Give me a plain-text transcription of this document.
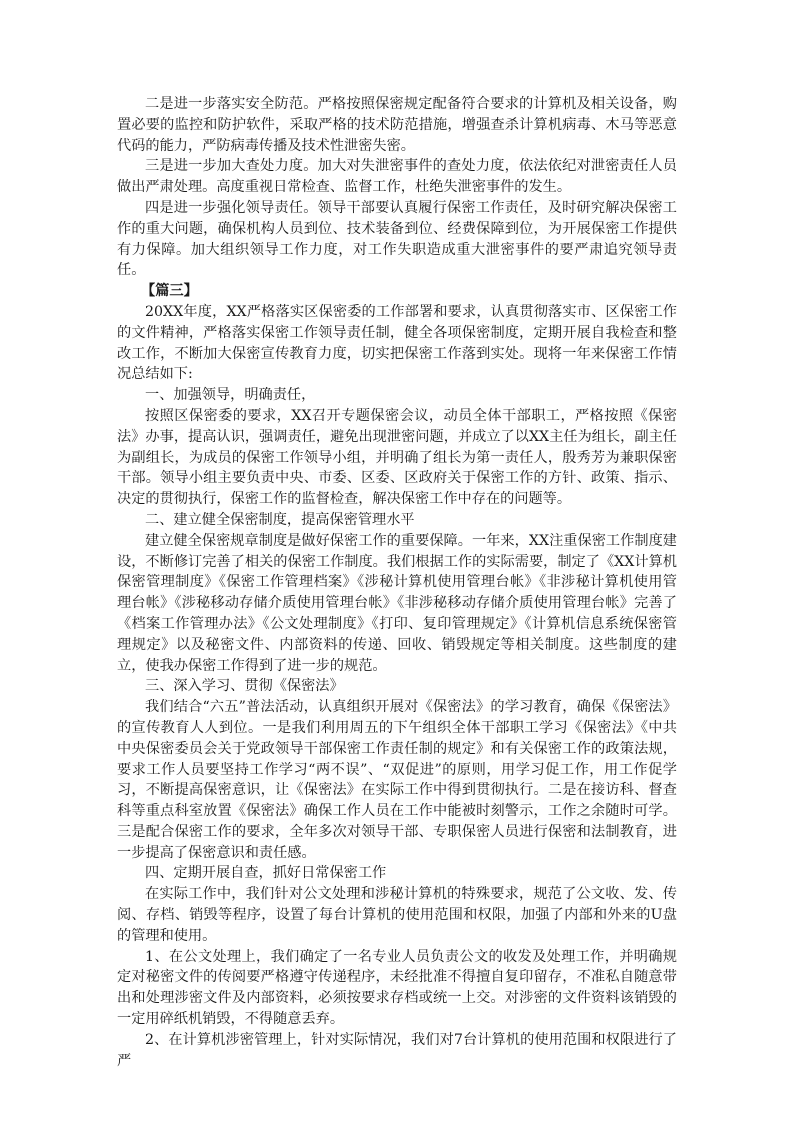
二是进一步落实安全防范。严格按照保密规定配备符合要求的计算机及相关设备，购置必要的监控和防护软件，采取严格的技术防范措施，增强查杀计算机病毒、木马等恶意代码的能力，严防病毒传播及技术性泄密失密。

三是进一步加大查处力度。加大对失泄密事件的查处力度，依法依纪对泄密责任人员做出严肃处理。高度重视日常检查、监督工作，杜绝失泄密事件的发生。

四是进一步强化领导责任。领导干部要认真履行保密工作责任，及时研究解决保密工作的重大问题，确保机构人员到位、技术装备到位、经费保障到位，为开展保密工作提供有力保障。加大组织领导工作力度，对工作失职造成重大泄密事件的要严肃追究领导责任。

【篇三】

20XX年度，XX严格落实区保密委的工作部署和要求，认真贯彻落实市、区保密工作的文件精神，严格落实保密工作领导责任制，健全各项保密制度，定期开展自我检查和整改工作，不断加大保密宣传教育力度，切实把保密工作落到实处。现将一年来保密工作情况总结如下:

一、加强领导，明确责任，

按照区保密委的要求，XX召开专题保密会议，动员全体干部职工，严格按照《保密法》办事，提高认识，强调责任，避免出现泄密问题，并成立了以XX主任为组长，副主任为副组长，为成员的保密工作领导小组，并明确了组长为第一责任人，殷秀芳为兼职保密干部。领导小组主要负责中央、市委、区委、区政府关于保密工作的方针、政策、指示、决定的贯彻执行，保密工作的监督检查，解决保密工作中存在的问题等。

二、建立健全保密制度，提高保密管理水平

建立健全保密规章制度是做好保密工作的重要保障。一年来，XX注重保密工作制度建设，不断修订完善了相关的保密工作制度。我们根据工作的实际需要，制定了《XX计算机保密管理制度》《保密工作管理档案》《涉秘计算机使用管理台帐》《非涉秘计算机使用管理台帐》《涉秘移动存储介质使用管理台帐》《非涉秘移动存储介质使用管理台帐》完善了《档案工作管理办法》《公文处理制度》《打印、复印管理规定》《计算机信息系统保密管理规定》以及秘密文件、内部资料的传递、回收、销毁规定等相关制度。这些制度的建立，使我办保密工作得到了进一步的规范。

三、深入学习、贯彻《保密法》

我们结合“六五”普法活动，认真组织开展对《保密法》的学习教育，确保《保密法》的宣传教育人人到位。一是我们利用周五的下午组织全体干部职工学习《保密法》《中共中央保密委员会关于党政领导干部保密工作责任制的规定》和有关保密工作的政策法规，要求工作人员要坚持工作学习“两不误”、“双促进”的原则，用学习促工作，用工作促学习，不断提高保密意识，让《保密法》在实际工作中得到贯彻执行。二是在接访科、督查科等重点科室放置《保密法》确保工作人员在工作中能被时刻警示，工作之余随时可学。三是配合保密工作的要求，全年多次对领导干部、专职保密人员进行保密和法制教育，进一步提高了保密意识和责任感。

四、定期开展自查，抓好日常保密工作

在实际工作中，我们针对公文处理和涉秘计算机的特殊要求，规范了公文收、发、传阅、存档、销毁等程序，设置了每台计算机的使用范围和权限，加强了内部和外来的U盘的管理和使用。

1、在公文处理上，我们确定了一名专业人员负责公文的收发及处理工作，并明确规定对秘密文件的传阅要严格遵守传递程序，未经批准不得擅自复印留存，不准私自随意带出和处理涉密文件及内部资料，必须按要求存档或统一上交。对涉密的文件资料该销毁的一定用碎纸机销毁，不得随意丢弃。

2、在计算机涉密管理上，针对实际情况，我们对7台计算机的使用范围和权限进行了严
